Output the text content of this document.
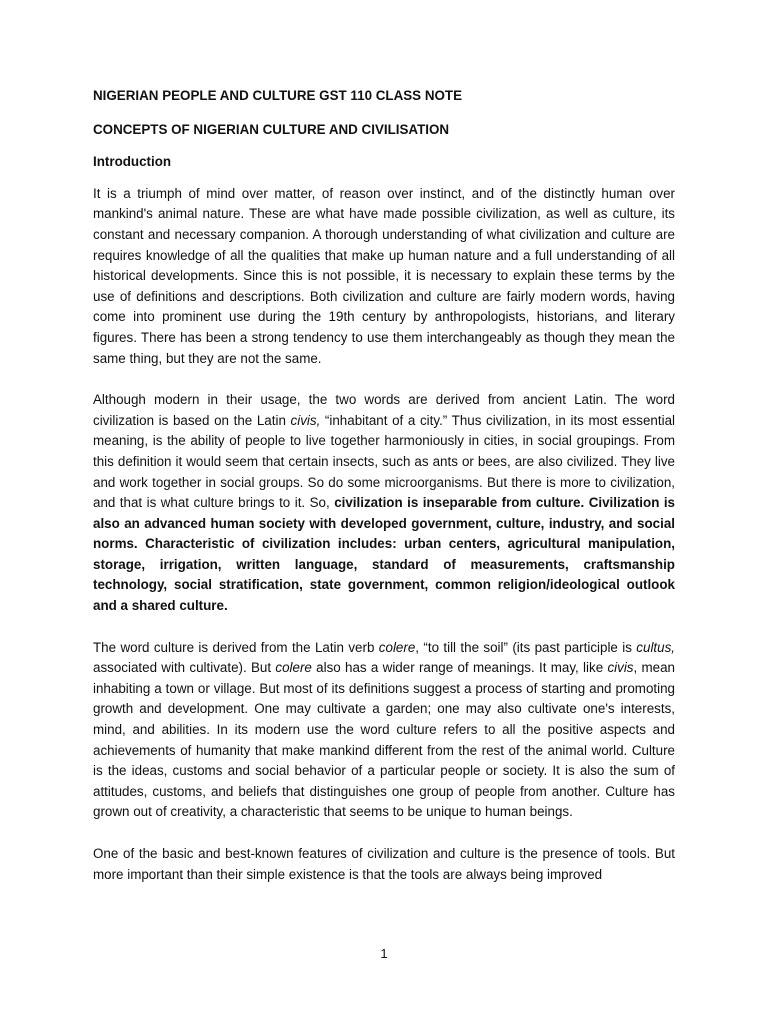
NIGERIAN PEOPLE AND CULTURE GST 110 CLASS NOTE

CONCEPTS OF NIGERIAN CULTURE AND CIVILISATION

Introduction

It is a triumph of mind over matter, of reason over instinct, and of the distinctly human over mankind's animal nature. These are what have made possible civilization, as well as culture, its constant and necessary companion. A thorough understanding of what civilization and culture are requires knowledge of all the qualities that make up human nature and a full understanding of all historical developments. Since this is not possible, it is necessary to explain these terms by the use of definitions and descriptions. Both civilization and culture are fairly modern words, having come into prominent use during the 19th century by anthropologists, historians, and literary figures. There has been a strong tendency to use them interchangeably as though they mean the same thing, but they are not the same.

Although modern in their usage, the two words are derived from ancient Latin. The word civilization is based on the Latin civis, “inhabitant of a city.” Thus civilization, in its most essential meaning, is the ability of people to live together harmoniously in cities, in social groupings. From this definition it would seem that certain insects, such as ants or bees, are also civilized. They live and work together in social groups. So do some microorganisms. But there is more to civilization, and that is what culture brings to it. So, civilization is inseparable from culture. Civilization is also an advanced human society with developed government, culture, industry, and social norms. Characteristic of civilization includes: urban centers, agricultural manipulation, storage, irrigation, written language, standard of measurements, craftsmanship technology, social stratification, state government, common religion/ideological outlook and a shared culture.

The word culture is derived from the Latin verb colere, “to till the soil” (its past participle is cultus, associated with cultivate). But colere also has a wider range of meanings. It may, like civis, mean inhabiting a town or village. But most of its definitions suggest a process of starting and promoting growth and development. One may cultivate a garden; one may also cultivate one's interests, mind, and abilities. In its modern use the word culture refers to all the positive aspects and achievements of humanity that make mankind different from the rest of the animal world. Culture is the ideas, customs and social behavior of a particular people or society. It is also the sum of attitudes, customs, and beliefs that distinguishes one group of people from another. Culture has grown out of creativity, a characteristic that seems to be unique to human beings.

One of the basic and best-known features of civilization and culture is the presence of tools. But more important than their simple existence is that the tools are always being improved

1
